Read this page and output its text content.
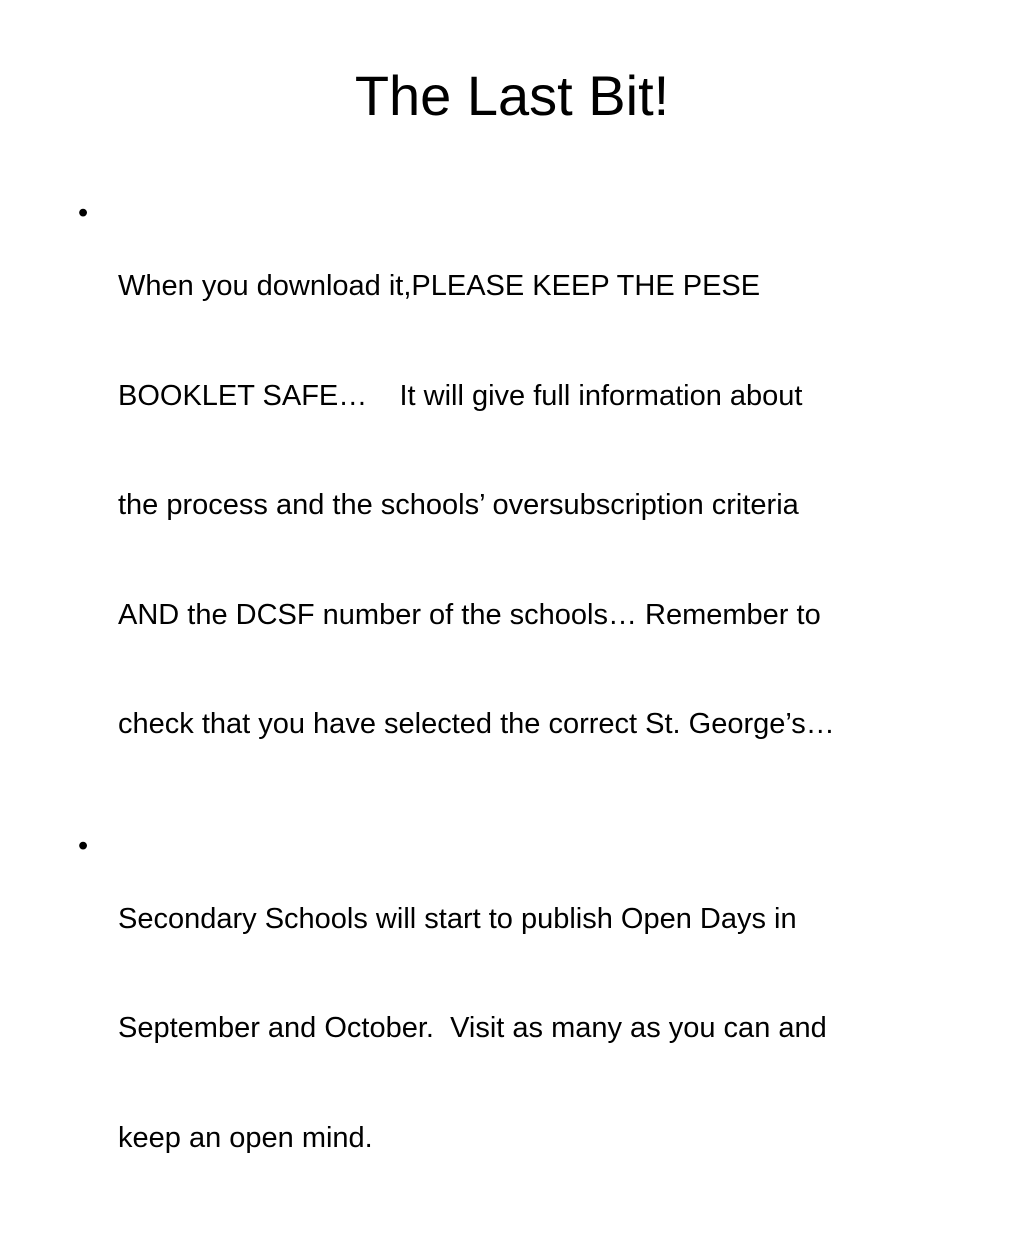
The Last Bit!
•

When you download it,PLEASE KEEP THE PESE

BOOKLET SAFE…    It will give full information about

the process and the schools’ oversubscription criteria

AND the DCSF number of the schools… Remember to

check that you have selected the correct St. George’s…

•

Secondary Schools will start to publish Open Days in

September and October.  Visit as many as you can and

keep an open mind.
